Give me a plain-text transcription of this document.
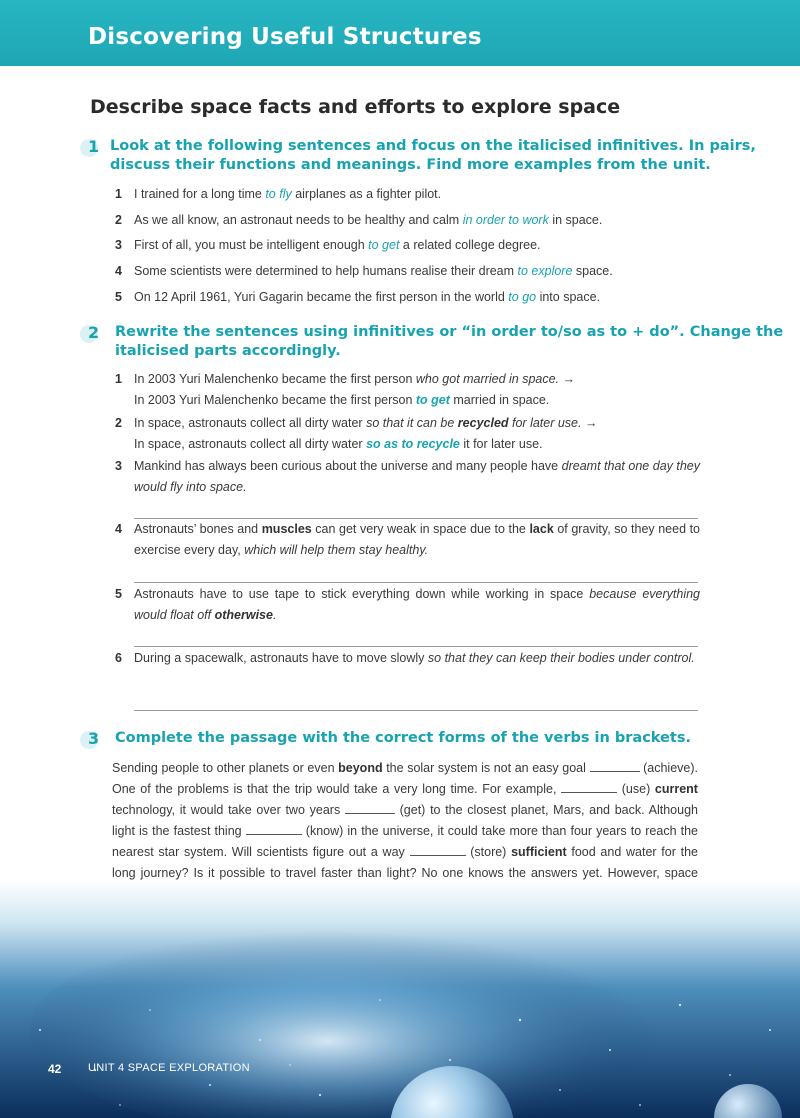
Discovering Useful Structures
Describe space facts and efforts to explore space
1 Look at the following sentences and focus on the italicised infinitives. In pairs,
discuss their functions and meanings. Find more examples from the unit.

1 I trained for a long time to fly airplanes as a fighter pilot.
2 As we all know, an astronaut needs to be healthy and calm in order to work in space.
3 First of all, you must be intelligent enough to get a related college degree.
4 Some scientists were determined to help humans realise their dream to explore space.
5 On 12 April 1961, Yuri Gagarin became the first person in the world to go into space.
2 Rewrite the sentences using infinitives or “in order to/so as to + do”. Change the
italicised parts accordingly.

1 In 2003 Yuri Malenchenko became the first person who got married in space. →
In 2003 Yuri Malenchenko became the first person to get married in space.
2 In space, astronauts collect all dirty water so that it can be recycled for later use. →
In space, astronauts collect all dirty water so as to recycle it for later use.
3 Mankind has always been curious about the universe and many people have dreamt that one day they would fly into space.
4 Astronauts’ bones and muscles can get very weak in space due to the lack of gravity, so they need to exercise every day, which will help them stay healthy.
5 Astronauts have to use tape to stick everything down while working in space because everything would float off otherwise.
6 During a spacewalk, astronauts have to move slowly so that they can keep their bodies under control.
3 Complete the passage with the correct forms of the verbs in brackets.

Sending people to other planets or even beyond the solar system is not an easy goal	(achieve). One of the problems is that the trip would take a very long time. For example,	(use) current technology, it would take over two years	(get) to the closest planet, Mars, and back. Although light is the fastest thing	(know) in the universe, it could take more than four years to reach the nearest star system. Will scientists figure out a way	(store) sufficient food and water for the long journey? Is it possible to travel faster than light? No one knows the answers yet. However, space

42 UNIT 4 SPACE EXPLORATION
